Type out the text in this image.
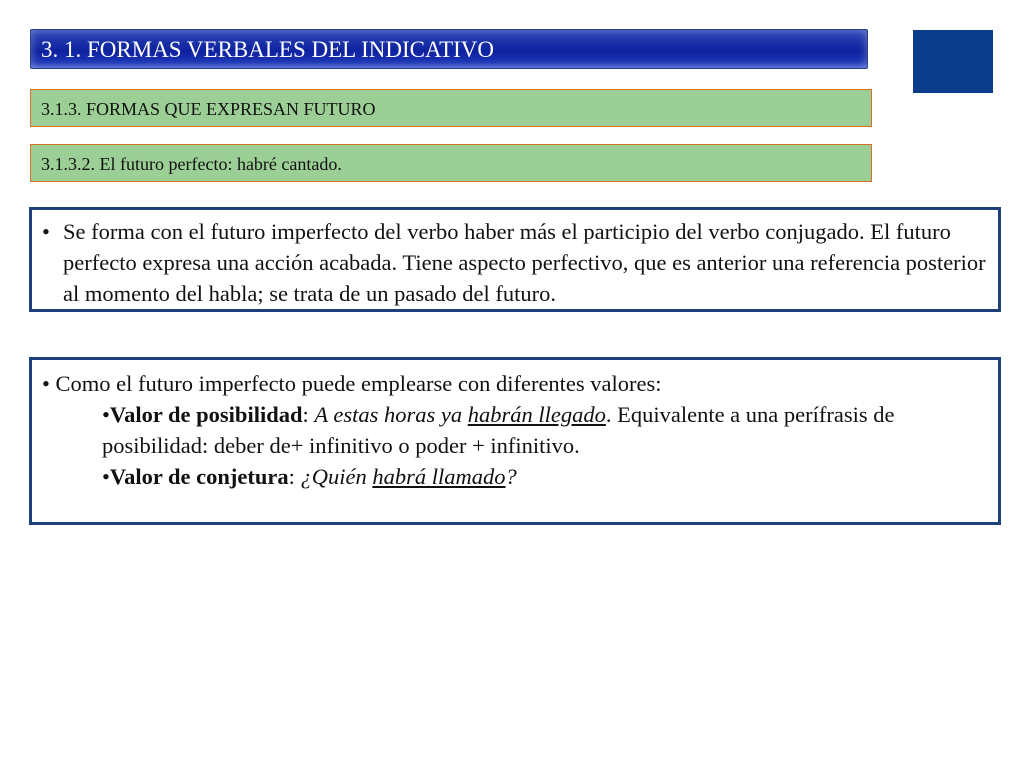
3. 1. FORMAS VERBALES DEL INDICATIVO
3.1.3. FORMAS QUE EXPRESAN FUTURO
3.1.3.2. El futuro perfecto: habré cantado.
• Se forma con el futuro imperfecto del verbo haber más el participio del verbo conjugado. El futuro perfecto expresa una acción acabada. Tiene aspecto perfectivo, que es anterior una referencia posterior al momento del habla; se trata de un pasado del futuro.
• Como el futuro imperfecto puede emplearse con diferentes valores:
•Valor de posibilidad: A estas horas ya habrán llegado. Equivalente a una perífrasis de posibilidad: deber de+ infinitivo o poder + infinitivo.
•Valor de conjetura: ¿Quién habrá llamado?
